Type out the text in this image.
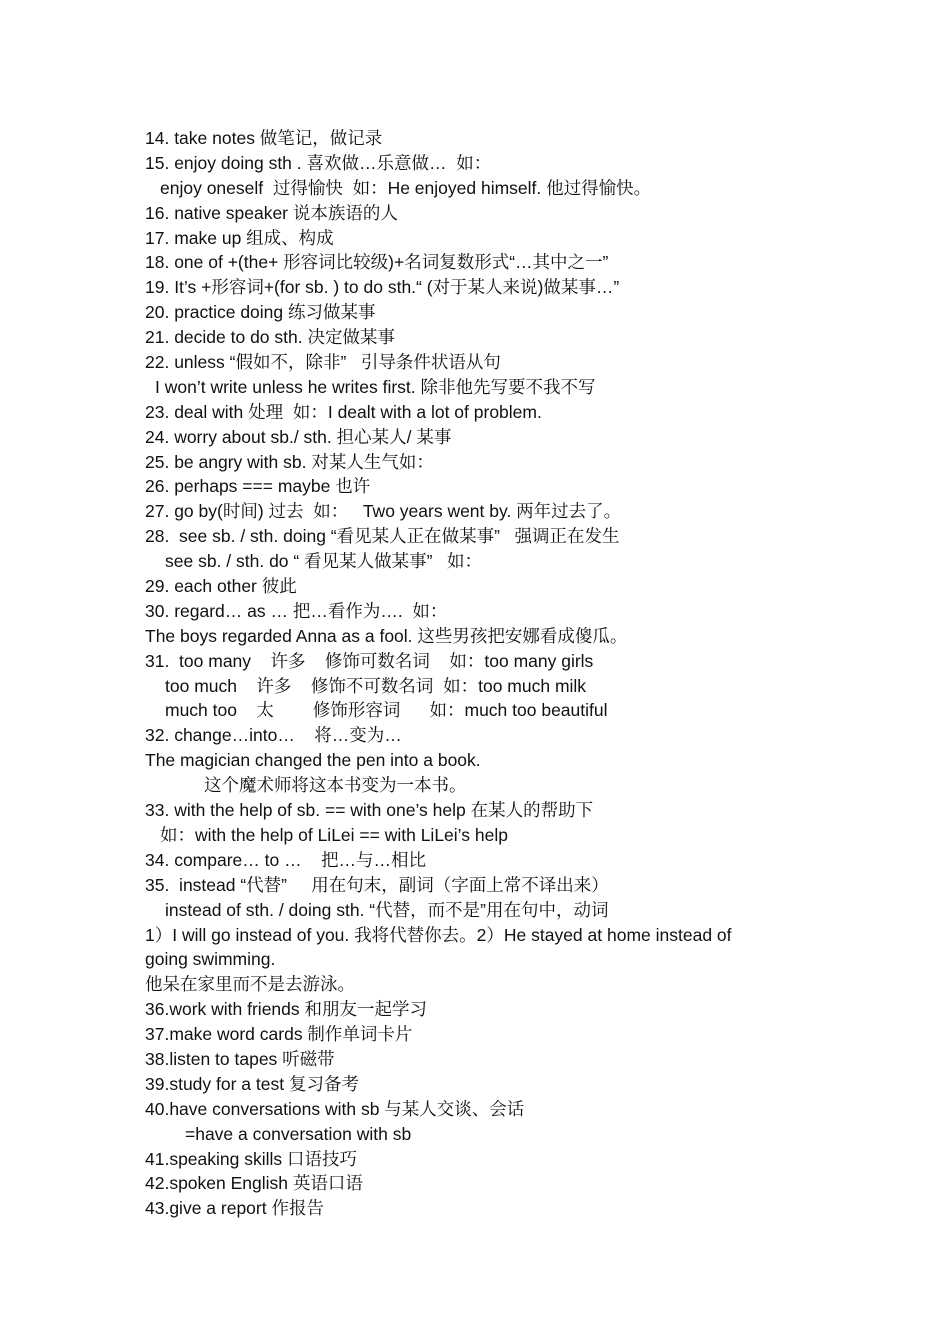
14. take notes 做笔记，做记录
15. enjoy doing sth . 喜欢做…乐意做…  如：
enjoy oneself  过得愉快  如：He enjoyed himself. 他过得愉快。
16. native speaker 说本族语的人
17. make up 组成、构成
18. one of +(the+ 形容词比较级)+名词复数形式“…其中之一”
19. It’s +形容词+(for sb. ) to do sth.“ (对于某人来说)做某事…”
20. practice doing 练习做某事
21. decide to do sth. 决定做某事
22. unless “假如不，除非”   引导条件状语从句
I won’t write unless he writes first. 除非他先写要不我不写
23. deal with 处理  如：I dealt with a lot of problem.
24. worry about sb./ sth. 担心某人/ 某事
25. be angry with sb. 对某人生气如：
26. perhaps === maybe 也许
27. go by(时间) 过去  如：   Two years went by. 两年过去了。
28.  see sb. / sth. doing “看见某人正在做某事”   强调正在发生
see sb. / sth. do “ 看见某人做某事”   如：
29. each other 彼此
30. regard… as … 把…看作为….  如：
The boys regarded Anna as a fool. 这些男孩把安娜看成傻瓜。
31.  too many    许多    修饰可数名词    如：too many girls
too much    许多    修饰不可数名词  如：too much milk
much too    太        修饰形容词      如：much too beautiful
32. change…into…    将…变为…
The magician changed the pen into a book.
这个魔术师将这本书变为一本书。
33. with the help of sb. == with one’s help 在某人的帮助下
如：with the help of LiLei == with LiLei’s help
34. compare… to …    把…与…相比
35.  instead “代替”     用在句末，副词（字面上常不译出来）
instead of sth. / doing sth. “代替，而不是”用在句中，动词
1）I will go instead of you. 我将代替你去。2）He stayed at home instead of
going swimming.
他呆在家里而不是去游泳。
36.work with friends 和朋友一起学习
37.make word cards 制作单词卡片
38.listen to tapes 听磁带
39.study for a test 复习备考
40.have conversations with sb 与某人交谈、会话
=have a conversation with sb
41.speaking skills 口语技巧
42.spoken English 英语口语
43.give a report 作报告
